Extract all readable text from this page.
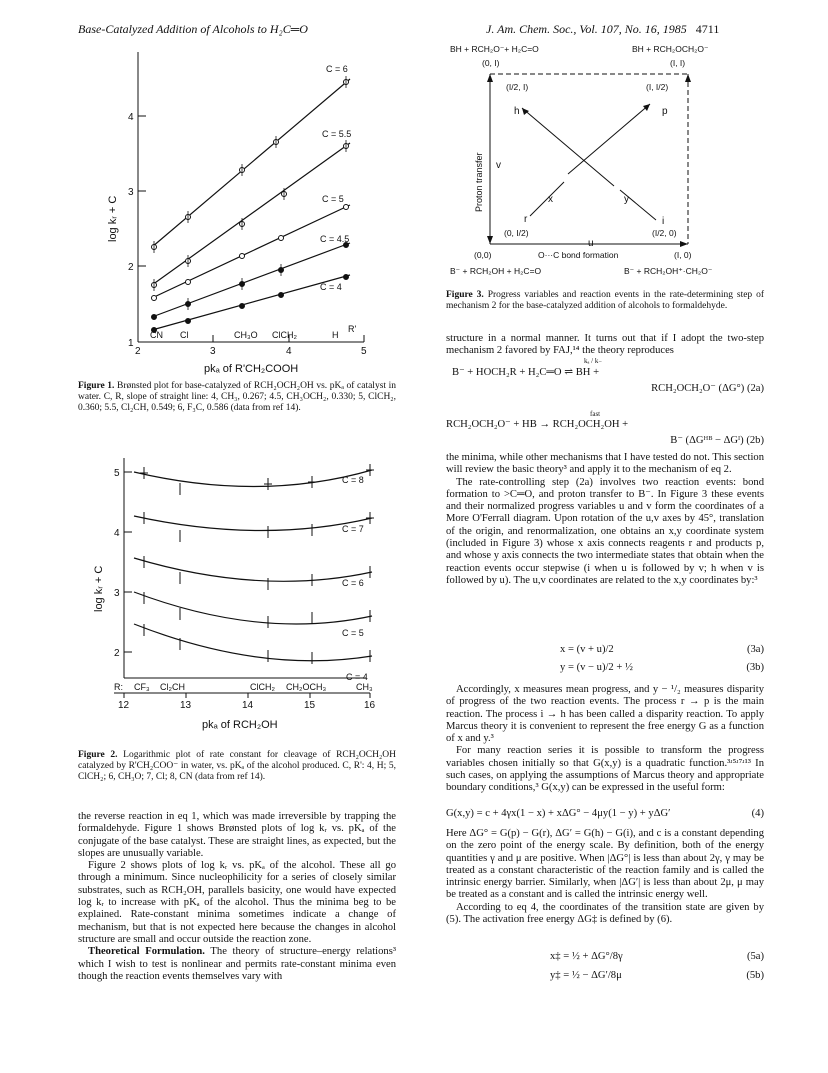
Base-Catalyzed Addition of Alcohols to H₂C═O	J. Am. Chem. Soc., Vol. 107, No. 16, 1985 4711
C = 6
C = 5.5
C = 5
C = 4.5
C = 4
CN Cl	CH₃O ClCH₂	H
R'
1
2
3
4
2	3	4	5
log kᵣ + C
pkₐ of R'CH₂COOH
Figure 1. Brønsted plot for base-catalyzed of RCH₂OCH₂OH vs. pKₐ of catalyst in water. C, R, slope of straight line: 4, CH₃, 0.267; 4.5, CH₃OCH₂, 0.330; 5, ClCH₂, 0.360; 5.5, Cl₂CH, 0.549; 6, F₃C, 0.586 (data from ref 14).
C = 8
C = 7
C = 6
C = 5
C = 4
R: CF₃ Cl₂CH	ClCH₂ CH₂OCH₃	CH₃
12	13	14	15	16
2
3
4
5
log kᵣ + C
pkₐ of RCH₂OH
Figure 2. Logarithmic plot of rate constant for cleavage of RCH₂OCH₂OH catalyzed by R'CH₂COO⁻ in water, vs. pKₐ of the alcohol produced. C, R': 4, H; 5, ClCH₂; 6, CH₃O; 7, Cl; 8, CN (data from ref 14).

the reverse reaction in eq 1, which was made irreversible by trapping the formaldehyde. Figure 1 shows Brønsted plots of log kᵣ vs. pKₐ of the conjugate of the base catalyst. These are straight lines, as expected, but the slopes are unusually variable.

Figure 2 shows plots of log kᵣ vs. pKₐ of the alcohol. These all go through a minimum. Since nucleophilicity for a series of closely similar substrates, such as RCH₂OH, parallels basicity, one would have expected log kᵣ to increase with pKₐ of the alcohol. Thus the minima beg to be explained. Rate-constant minima sometimes indicate a change of mechanism, but that is not expected here because the changes in alcohol structure are small and occur outside the reaction zone.

Theoretical Formulation. The theory of structure–energy relations³ which I wish to test is nonlinear and permits rate-constant minima even though the reaction events themselves vary with

BH + RCH₂O⁻+ H₂C=O	BH + RCH₂OCH₂O⁻
(0, I)	(I, I)
(I/2, I)	(I, I/2)
(0, I/2)	(I/2, 0)
(0,0)	(I, 0)
O···C bond formation
B⁻ + RCH₂OH + H₂C=O	B⁻ + RCH₂OH⁺·CH₂O⁻
h	p
r	i
x	y
u
v
Proton transfer
Figure 3. Progress variables and reaction events in the rate-determining step of mechanism 2 for the base-catalyzed addition of alcohols to formaldehyde.

structure in a normal manner. It turns out that if I adopt the two-step mechanism 2 favored by FAJ,¹⁴ the theory reproduces

kₐ / k₋
B⁻ + HOCH₂R + H₂C═O ⇌ BH +
RCH₂OCH₂O⁻ (ΔG°) (2a)
fast
RCH₂OCH₂O⁻ + HB → RCH₂OCH₂OH +
B⁻ (ΔGᴴᴮ − ΔGᴵ) (2b)

the minima, while other mechanisms that I have tested do not. This section will review the basic theory³ and apply it to the mechanism of eq 2.

The rate-controlling step (2a) involves two reaction events: bond formation to >C═O, and proton transfer to B⁻. In Figure 3 these events and their normalized progress variables u and v form the coordinates of a More O'Ferrall diagram. Upon rotation of the u,v axes by 45°, translation of the origin, and renormalization, one obtains an x,y coordinate system (included in Figure 3) whose x axis connects reagents r and products p, and whose y axis connects the two intermediate states that obtain when the reaction events occur stepwise (i when u is followed by v; h when v is followed by u). The u,v coordinates are related to the x,y coordinates by:³

x = (v + u)/2	(3a)
y = (v − u)/2 + ½	(3b)

Accordingly, x measures mean progress, and y − ¹/₂ measures disparity of progress of the two reaction events. The process r → p is the main reaction. The process i → h has been called a disparity reaction. To apply Marcus theory it is convenient to represent the free energy G as a function of x and y.³

For many reaction series it is possible to transform the progress variables chosen initially so that G(x,y) is a quadratic function.³ʴ⁵ʴ⁷ʴ¹³ In such cases, on applying the assumptions of Marcus theory and appropriate boundary conditions,³ G(x,y) can be expressed in the useful form:

G(x,y) = c + 4γx(1 − x) + xΔG° − 4μy(1 − y) + yΔG′	(4)

Here ΔG° = G(p) − G(r), ΔG′ = G(h) − G(i), and c is a constant depending on the zero point of the energy scale. By definition, both of the energy quantities γ and μ are positive. When |ΔG°| is less than about 2γ, γ may be treated as a constant characteristic of the reaction family and is called the intrinsic energy barrier. Similarly, when |ΔG′| is less than about 2μ, μ may be treated as a constant and is called the intrinsic energy well.

According to eq 4, the coordinates of the transition state are given by (5). The activation free energy ΔG‡ is defined by (6).

x‡ = ½ + ΔG°/8γ	(5a)
y‡ = ½ − ΔG′/8μ	(5b)
